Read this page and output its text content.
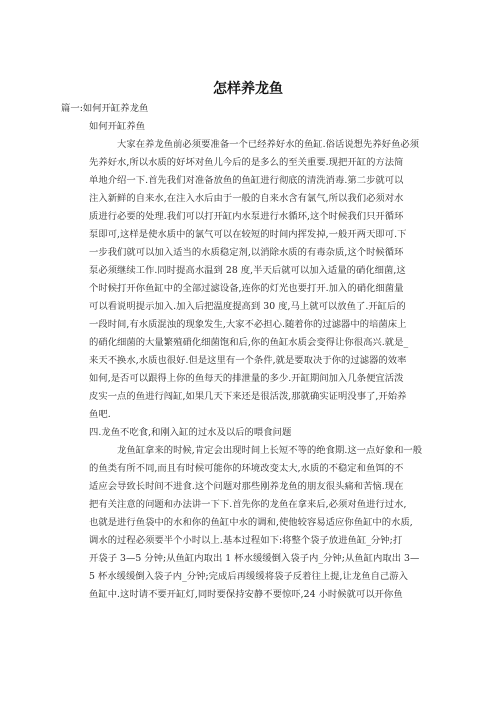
怎样养龙鱼

篇一:如何开缸养龙鱼

如何开缸养鱼

大家在养龙鱼前必须要准备一个已经养好水的鱼缸.俗话说想先养好鱼必须
先养好水,所以水质的好坏对鱼儿今后的是多么的至关重要.现把开缸的方法简
单地介绍一下.首先我们对准备放鱼的鱼缸进行彻底的清洗消毒.第二步就可以
注入新鲜的自来水,在注入水后由于一般的自来水含有氯气,所以我们必须对水
质进行必要的处理.我们可以打开缸内水泵进行水循环,这个时候我们只开循环
泵即可,这样是使水质中的氯气可以在较短的时间内挥发掉,一般开两天即可.下
一步我们就可以加入适当的水质稳定剂,以消除水质的有毒杂质,这个时候循环
泵必须继续工作.同时提高水温到 28 度,半天后就可以加入适量的硝化细菌,这
个时候打开你鱼缸中的全部过滤设备,连你的灯光也要打开.加入的硝化细菌量
可以看说明提示加入.加入后把温度提高到 30 度,马上就可以放鱼了.开缸后的
一段时间,有水质混浊的现象发生,大家不必担心.随着你的过滤器中的培菌床上
的硝化细菌的大量繁殖硝化细菌饱和后,你的鱼缸水质会变得让你很高兴.就是_
来天不换水,水质也很好.但是这里有一个条件,就是要取决于你的过滤器的效率
如何,是否可以跟得上你的鱼每天的排泄量的多少.开缸期间加入几条便宜活泼
皮实一点的鱼进行闯缸,如果几天下来还是很活泼,那就确实证明没事了,开始养
鱼吧.

四.龙鱼不吃食,和刚入缸的过水及以后的喂食问题

龙鱼缸拿来的时候,肯定会出现时间上长短不等的绝食期.这一点好象和一般
的鱼类有所不同,而且有时候可能你的环境改变太大,水质的不稳定和鱼饵的不
适应会导致长时间不进食.这个问题对那些刚养龙鱼的朋友很头痛和苦恼.现在
把有关注意的问题和办法讲一下下.首先你的龙鱼在拿来后,必须对鱼进行过水,
也就是进行鱼袋中的水和你的鱼缸中水的调和,使他较容易适应你鱼缸中的水质,
调水的过程必须要半个小时以上.基本过程如下:将整个袋子放进鱼缸_分钟;打
开袋子 3—5 分钟;从鱼缸内取出 1 杯水缓缓倒入袋子内_分钟;从鱼缸内取出 3—
5 杯水缓缓倒入袋子内_分钟;完成后再缓缓将袋子反着往上提,让龙鱼自己游入
鱼缸中.这时请不要开缸灯,同时要保持安静不要惊吓,24 小时候就可以开你鱼
